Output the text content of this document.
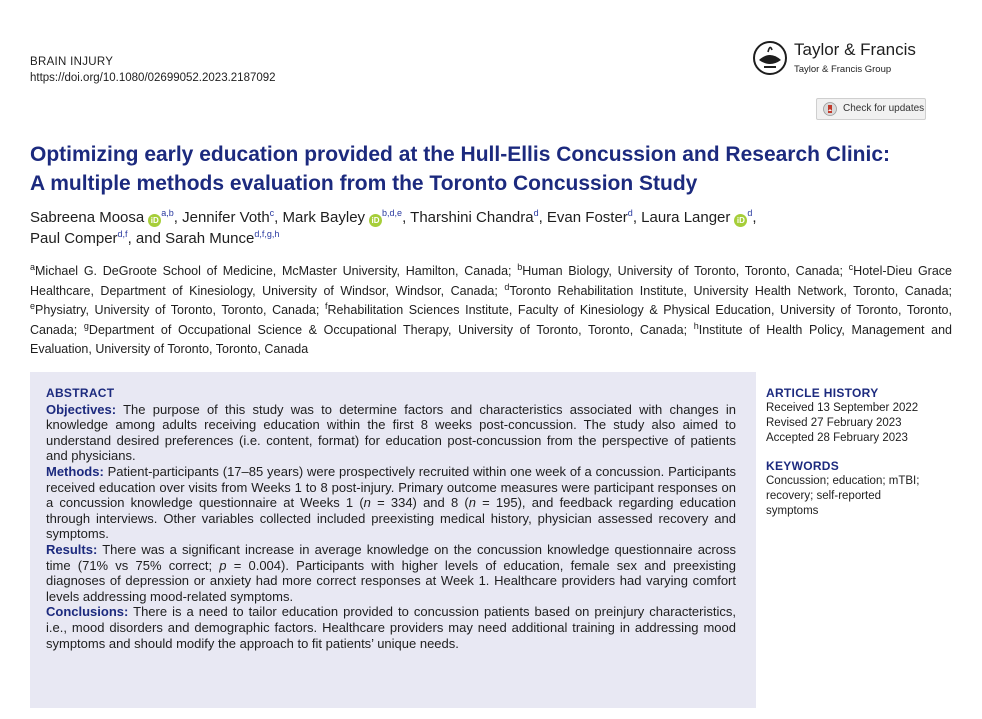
BRAIN INJURY
https://doi.org/10.1080/02699052.2023.2187092
Taylor & Francis
Taylor & Francis Group
Check for updates
Optimizing early education provided at the Hull-Ellis Concussion and Research Clinic:
A multiple methods evaluation from the Toronto Concussion Study
Sabreena Moosa iD$^{a,b}$, Jennifer Voth$^c$, Mark Bayley iD$^{b,d,e}$, Tharshini Chandra$^d$, Evan Foster$^d$, Laura Langer iD$^d$,
Paul Comper$^{d,f}$, and Sarah Munce$^{d,f,g,h}$
$^a$Michael G. DeGroote School of Medicine, McMaster University, Hamilton, Canada; $^b$Human Biology, University of Toronto, Toronto, Canada; $^c$Hotel-Dieu Grace Healthcare, Department of Kinesiology, University of Windsor, Windsor, Canada; $^d$Toronto Rehabilitation Institute, University Health Network, Toronto, Canada; $^e$Physiatry, University of Toronto, Toronto, Canada; $^f$Rehabilitation Sciences Institute, Faculty of Kinesiology & Physical Education, University of Toronto, Toronto, Canada; $^g$Department of Occupational Science & Occupational Therapy, University of Toronto, Toronto, Canada; $^h$Institute of Health Policy, Management and Evaluation, University of Toronto, Toronto, Canada
ABSTRACT

Objectives: The purpose of this study was to determine factors and characteristics associated with changes in knowledge among adults receiving education within the first 8 weeks post-concussion. The study also aimed to understand desired preferences (i.e. content, format) for education post-concussion from the perspective of patients and physicians.

Methods: Patient-participants (17–85 years) were prospectively recruited within one week of a concussion. Participants received education over visits from Weeks 1 to 8 post-injury. Primary outcome measures were participant responses on a concussion knowledge questionnaire at Weeks 1 (n = 334) and 8 (n = 195), and feedback regarding education through interviews. Other variables collected included preexisting medical history, physician assessed recovery and symptoms.

Results: There was a significant increase in average knowledge on the concussion knowledge questionnaire across time (71% vs 75% correct; p = 0.004). Participants with higher levels of education, female sex and preexisting diagnoses of depression or anxiety had more correct responses at Week 1. Healthcare providers had varying comfort levels addressing mood-related symptoms.

Conclusions: There is a need to tailor education provided to concussion patients based on preinjury characteristics, i.e., mood disorders and demographic factors. Healthcare providers may need additional training in addressing mood symptoms and should modify the approach to fit patients’ unique needs.

ARTICLE HISTORY
Received 13 September 2022
Revised 27 February 2023
Accepted 28 February 2023
KEYWORDS
Concussion; education; mTBI; recovery; self-reported symptoms
